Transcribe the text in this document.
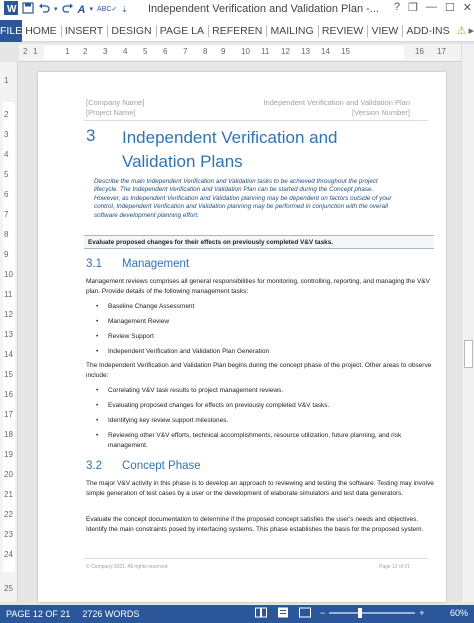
W	▾ A ▾ ABC✓ ⇣ Independent Verification and Validation Plan -... ? ❐ — ☐ ✕
FILE HOME INSERT DESIGN PAGE LA REFEREN MAILING REVIEW VIEW ADD-INS ⚠ ▸
2 1	1 2 3 4 5 6 7 8 9 10 11 12 13 14 15	16 17
1
2
3
4
5
6
7
8
9
10
11
12
13
14
15
16
17
18
19
20
21
22
23
24
25
[Company Name]
[Project Name]
Independent Verification and Validation Plan
[Version Number]
3 Independent Verification and Validation Plans
Describe the main Independent Verification and Validation tasks to be achieved throughout the project lifecycle. The Independent Verification and Validation Plan can be started during the Concept phase. However, as Independent Verification and Validation planning may be dependent on factors outside of your control, Independent Verification and Validation planning may be performed in conjunction with the overall software development planning effort.
Evaluate proposed changes for their effects on previously completed V&V tasks.
3.1 Management
Management reviews comprises all general responsibilities for monitoring, controlling, reporting, and managing the V&V plan. Provide details of the following management tasks:
• Baseline Change Assessment
• Management Review
• Review Support
• Independent Verification and Validation Plan Generation
The Independent Verification and Validation Plan begins during the concept phase of the project. Other areas to observe include:
• Correlating V&V task results to project management reviews.
• Evaluating proposed changes for effects on previously completed V&V tasks.
• Identifying key review support milestones.
• Reviewing other V&V efforts, technical accomplishments, resource utilization, future planning, and risk management.
3.2 Concept Phase
The major V&V activity in this phase is to develop an approach to reviewing and testing the software. Testing may involve simple generation of test cases by a user or the development of elaborate simulators and test data generators.
Evaluate the concept documentation to determine if the proposed concept satisfies the user's needs and objectives. Identify the main constraints posed by interfacing systems. This phase establishes the basis for the proposed system.
© Company 2021. All rights reserved	Page 12 of 21
PAGE 12 OF 21	2726 WORDS	−	+	60%
